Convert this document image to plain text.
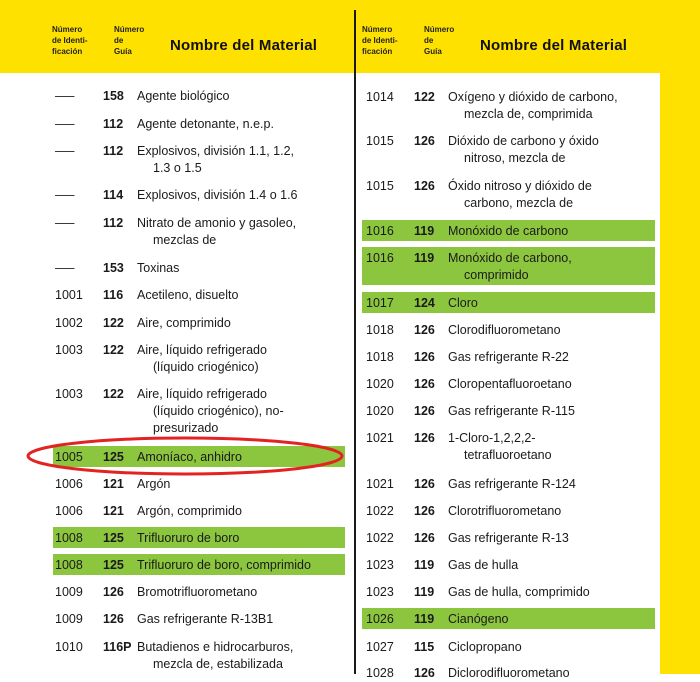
Número
de Identi-
ficación
Número
de
Guía	Nombre del Material
Número
de Identi-
ficación
Número
de
Guía	Nombre del Material
—– 158 Agente biológico
—– 112 Agente detonante, n.e.p.
—– 112 Explosivos, división 1.1, 1.2,
1.3 o 1.5
—– 114 Explosivos, división 1.4 o 1.6
—– 112 Nitrato de amonio y gasoleo,
mezclas de
—– 153 Toxinas
1001 116 Acetileno, disuelto
1002 122 Aire, comprimido
1003 122 Aire, líquido refrigerado
(líquido criogénico)
1003 122 Aire, líquido refrigerado
(líquido criogénico), no-
presurizado
1005 125 Amoníaco, anhidro
1006 121 Argón
1006 121 Argón, comprimido
1008 125 Trifluoruro de boro
1008 125 Trifluoruro de boro, comprimido
1009 126 Bromotrifluorometano
1009 126 Gas refrigerante R-13B1
1010 116P Butadienos e hidrocarburos,
mezcla de, estabilizada
1014 122 Oxígeno y dióxido de carbono,
mezcla de, comprimida
1015 126 Dióxido de carbono y óxido
nitroso, mezcla de
1015 126 Óxido nitroso y dióxido de
carbono, mezcla de
1016 119 Monóxido de carbono
1016 119 Monóxido de carbono,
comprimido
1017 124 Cloro
1018 126 Clorodifluorometano
1018 126 Gas refrigerante R-22
1020 126 Cloropentafluoroetano
1020 126 Gas refrigerante R-115
1021 126 1-Cloro-1,2,2,2-
tetrafluoroetano
1021 126 Gas refrigerante R-124
1022 126 Clorotrifluorometano
1022 126 Gas refrigerante R-13
1023 119 Gas de hulla
1023 119 Gas de hulla, comprimido
1026 119 Cianógeno
1027 115 Ciclopropano
1028 126 Diclorodifluorometano
